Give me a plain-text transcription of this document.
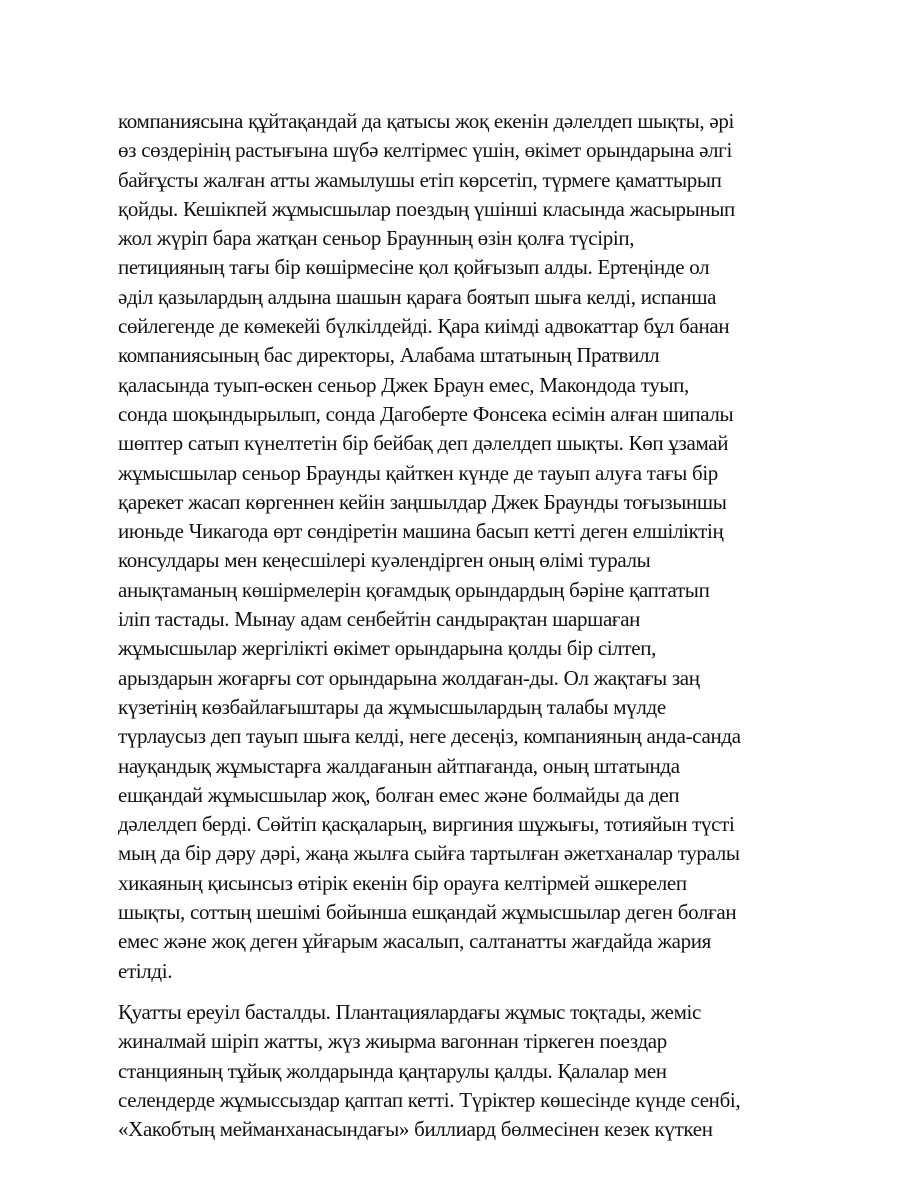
компаниясына құйтақандай да қатысы жоқ екенін дәлелдеп шықты, әрі
өз сөздерінің растығына шүбә келтірмес үшін, өкімет орындарына әлгі
байғұсты жалған атты жамылушы етіп көрсетіп, түрмеге қаматтырып
қойды. Кешікпей жұмысшылар поездың үшінші класында жасырынып
жол жүріп бара жатқан сеньор Браунның өзін қолға түсіріп,
петицияның тағы бір көшірмесіне қол қойғызып алды. Ертеңінде ол
әділ қазылардың алдына шашын қараға боятып шыға келді, испанша
сөйлегенде де көмекейі бүлкілдейді. Қара киімді адвокаттар бұл банан
компаниясының бас директоры, Алабама штатының Пратвилл
қаласында туып-өскен сеньор Джек Браун емес, Макондода туып,
сонда шоқындырылып, сонда Дагоберте Фонсека есімін алған шипалы
шөптер сатып күнелтетін бір бейбақ деп дәлелдеп шықты. Көп ұзамай
жұмысшылар сеньор Браунды қайткен күнде де тауып алуға тағы бір
қарекет жасап көргеннен кейін заңшылдар Джек Браунды тоғызыншы
июньде Чикагода өрт сөндіретін машина басып кетті деген елшіліктің
консулдары мен кеңесшілері куәлендірген оның өлімі туралы
анықтаманың көшірмелерін қоғамдық орындардың бәріне қаптатып
іліп тастады. Мынау адам сенбейтін сандырақтан шаршаған
жұмысшылар жергілікті өкімет орындарына қолды бір сілтеп,
арыздарын жоғарғы сот орындарына жолдаған-ды. Ол жақтағы заң
күзетінің көзбайлағыштары да жұмысшылардың талабы мүлде
түрлаусыз деп тауып шыға келді, неге десеңіз, компанияның анда-санда
науқандық жұмыстарға жалдағанын айтпағанда, оның штатында
ешқандай жұмысшылар жоқ, болған емес және болмайды да деп
дәлелдеп берді. Сөйтіп қасқаларың, виргиния шұжығы, тотияйын түсті
мың да бір дәру дәрі, жаңа жылға сыйға тартылған әжетханалар туралы
хикаяның қисынсыз өтірік екенін бір орауға келтірмей әшкерелеп
шықты, соттың шешімі бойынша ешқандай жұмысшылар деген болған
емес және жоқ деген ұйғарым жасалып, салтанатты жағдайда жария
етілді.
Қуатты ереуіл басталды. Плантациялардағы жұмыс тоқтады, жеміс
жиналмай шіріп жатты, жүз жиырма вагоннан тіркеген поездар
станцияның тұйық жолдарында қаңтарулы қалды. Қалалар мен
селендерде жұмыссыздар қаптап кетті. Түріктер көшесінде күнде сенбі,
«Хакобтың мейманханасындағы» биллиард бөлмесінен кезек күткен
